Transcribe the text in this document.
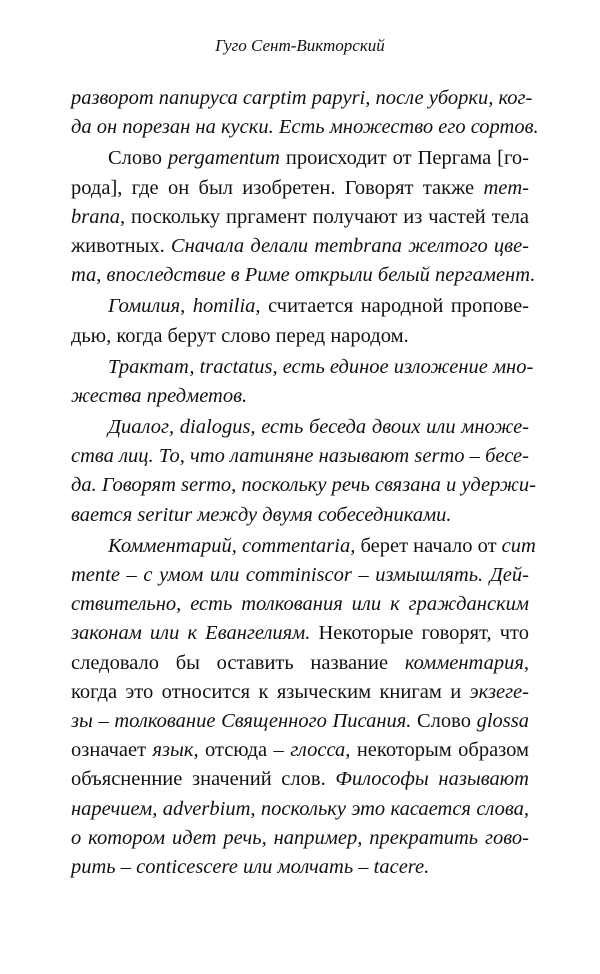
Гуго Сент-Викторский
разворот папируса carptim papyri, после уборки, ког-
да он порезан на куски. Есть множество его сортов.
Слово pergamentum происходит от Пергама [го-
рода], где он был изобретен. Говорят также mem-
brana, поскольку пргамент получают из частей тела
животных. Сначала делали membrana желтого цве-
та, впоследствие в Риме открыли белый пергамент.
Гомилия, homilia, считается народной пропове-
дью, когда берут слово перед народом.
Трактат, tractatus, есть единое изложение мно-
жества предметов.
Диалог, dialogus, есть беседа двоих или множе-
ства лиц. То, что латиняне называют sermo – бесе-
да. Говорят sermo, поскольку речь связана и удержи-
вается seritur между двумя собеседниками.
Комментарий, commentaria, берет начало от cum
mente – с умом или comminiscor – измышлять. Дей-
ствительно, есть толкования или к гражданским
законам или к Евангелиям. Некоторые говорят, что
следовало бы оставить название комментария,
когда это относится к языческим книгам и экзеге-
зы – толкование Священного Писания. Слово glossa
означает язык, отсюда – глосса, некоторым образом
объясненние значений слов. Философы называют
наречием, adverbium, поскольку это касается слова,
о котором идет речь, например, прекратить гово-
рить – conticescere или молчать – tacere.
